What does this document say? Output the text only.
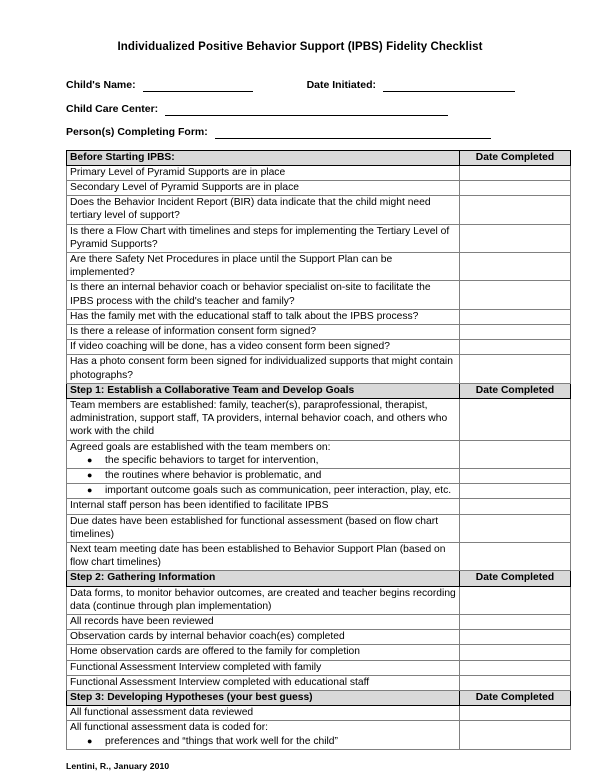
Individualized Positive Behavior Support (IPBS) Fidelity Checklist
Child's Name:	Date Initiated:
Child Care Center:
Person(s) Completing Form:
Before Starting IPBS:	Date Completed

Primary Level of Pyramid Supports are in place	

Secondary Level of Pyramid Supports are in place	

Does the Behavior Incident Report (BIR) data indicate that the child might need tertiary level of support?	

Is there a Flow Chart with timelines and steps for implementing the Tertiary Level of Pyramid Supports?	

Are there Safety Net Procedures in place until the Support Plan can be implemented?	

Is there an internal behavior coach or behavior specialist on-site to facilitate the IPBS process with the child's teacher and family?	

Has the family met with the educational staff to talk about the IPBS process?	

Is there a release of information consent form signed?	

If video coaching will be done, has a video consent form been signed?	

Has a photo consent form been signed for individualized supports that might contain photographs?	

Step 1: Establish a Collaborative Team and Develop Goals	Date Completed

Team members are established: family, teacher(s), paraprofessional, therapist, administration, support staff, TA providers, internal behavior coach, and others who work with the child	

Agreed goals are established with the team members on:
● the specific behaviors to target for intervention,	

● the routines where behavior is problematic, and	

● important outcome goals such as communication, peer interaction, play, etc.	

Internal staff person has been identified to facilitate IPBS	

Due dates have been established for functional assessment (based on flow chart timelines)	

Next team meeting date has been established to Behavior Support Plan (based on flow chart timelines)	

Step 2: Gathering Information	Date Completed

Data forms, to monitor behavior outcomes, are created and teacher begins recording data (continue through plan implementation)	

All records have been reviewed	

Observation cards by internal behavior coach(es) completed	

Home observation cards are offered to the family for completion	

Functional Assessment Interview completed with family	

Functional Assessment Interview completed with educational staff	

Step 3: Developing Hypotheses (your best guess)	Date Completed

All functional assessment data reviewed	

All functional assessment data is coded for:
● preferences and “things that work well for the child”	

Lentini, R., January 2010
